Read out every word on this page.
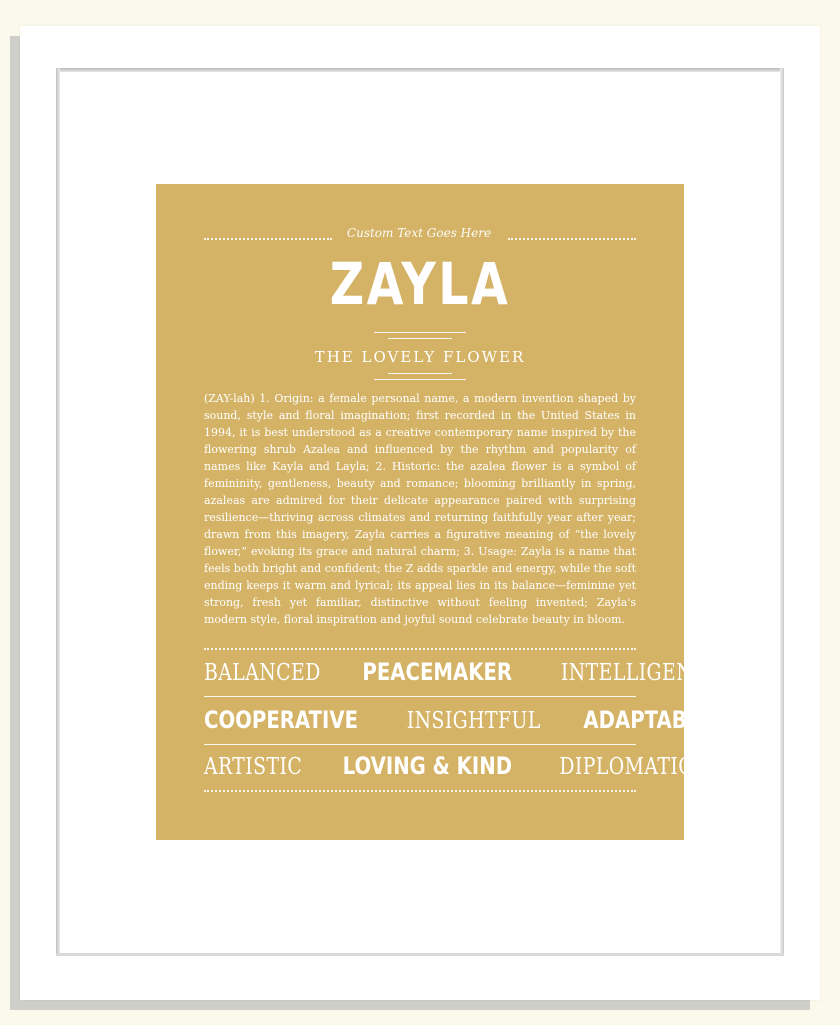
Custom Text Goes Here
ZAYLA
THE LOVELY FLOWER
(ZAY-lah) 1. Origin: a female personal name, a modern invention shaped by sound, style and floral imagination; first recorded in the United States in 1994, it is best understood as a creative contemporary name inspired by the flowering shrub Azalea and influenced by the rhythm and popularity of names like Kayla and Layla; 2. Historic: the azalea flower is a symbol of femininity, gentleness, beauty and romance; blooming brilliantly in spring, azaleas are admired for their delicate appearance paired with surprising resilience—thriving across climates and returning faithfully year after year; drawn from this imagery, Zayla carries a figurative meaning of “the lovely flower,” evoking its grace and natural charm; 3. Usage: Zayla is a name that feels both bright and confident; the Z adds sparkle and energy, while the soft ending keeps it warm and lyrical; its appeal lies in its balance—feminine yet strong, fresh yet familiar, distinctive without feeling invented; Zayla's modern style, floral inspiration and joyful sound celebrate beauty in bloom.
BALANCED PEACEMAKER INTELLIGENT
COOPERATIVE INSIGHTFUL ADAPTABLE
ARTISTIC LOVING & KIND DIPLOMATIC
